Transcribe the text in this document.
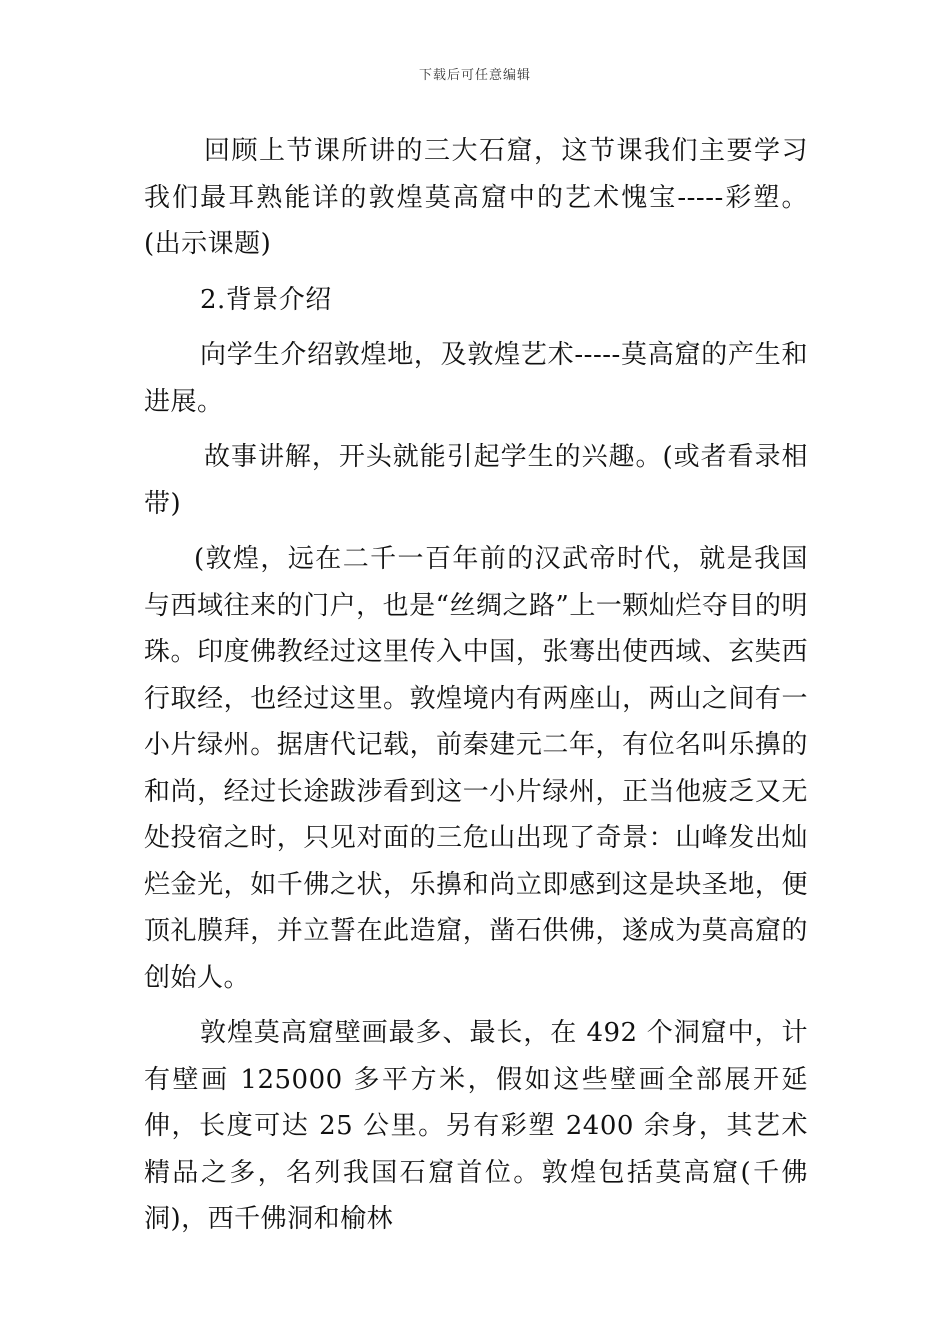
下载后可任意编辑

回顾上节课所讲的三大石窟，这节课我们主要学习我们最耳熟能详的敦煌莫高窟中的艺术愧宝-----彩塑。(出示课题)

2.背景介绍

向学生介绍敦煌地，及敦煌艺术-----莫高窟的产生和进展。

故事讲解，开头就能引起学生的兴趣。(或者看录相带)

(敦煌，远在二千一百年前的汉武帝时代，就是我国与西域往来的门户，也是“丝绸之路”上一颗灿烂夺目的明珠。印度佛教经过这里传入中国，张骞出使西域、玄奘西行取经，也经过这里。敦煌境内有两座山，两山之间有一小片绿州。据唐代记载，前秦建元二年，有位名叫乐擤的和尚，经过长途跋涉看到这一小片绿州，正当他疲乏又无处投宿之时，只见对面的三危山出现了奇景：山峰发出灿烂金光，如千佛之状，乐擤和尚立即感到这是块圣地，便顶礼膜拜，并立誓在此造窟，凿石供佛，遂成为莫高窟的创始人。

敦煌莫高窟壁画最多、最长，在 492 个洞窟中，计有壁画 125000 多平方米，假如这些壁画全部展开延伸，长度可达 25 公里。另有彩塑 2400 余身，其艺术精品之多，名列我国石窟首位。敦煌包括莫高窟(千佛洞)，西千佛洞和榆林
